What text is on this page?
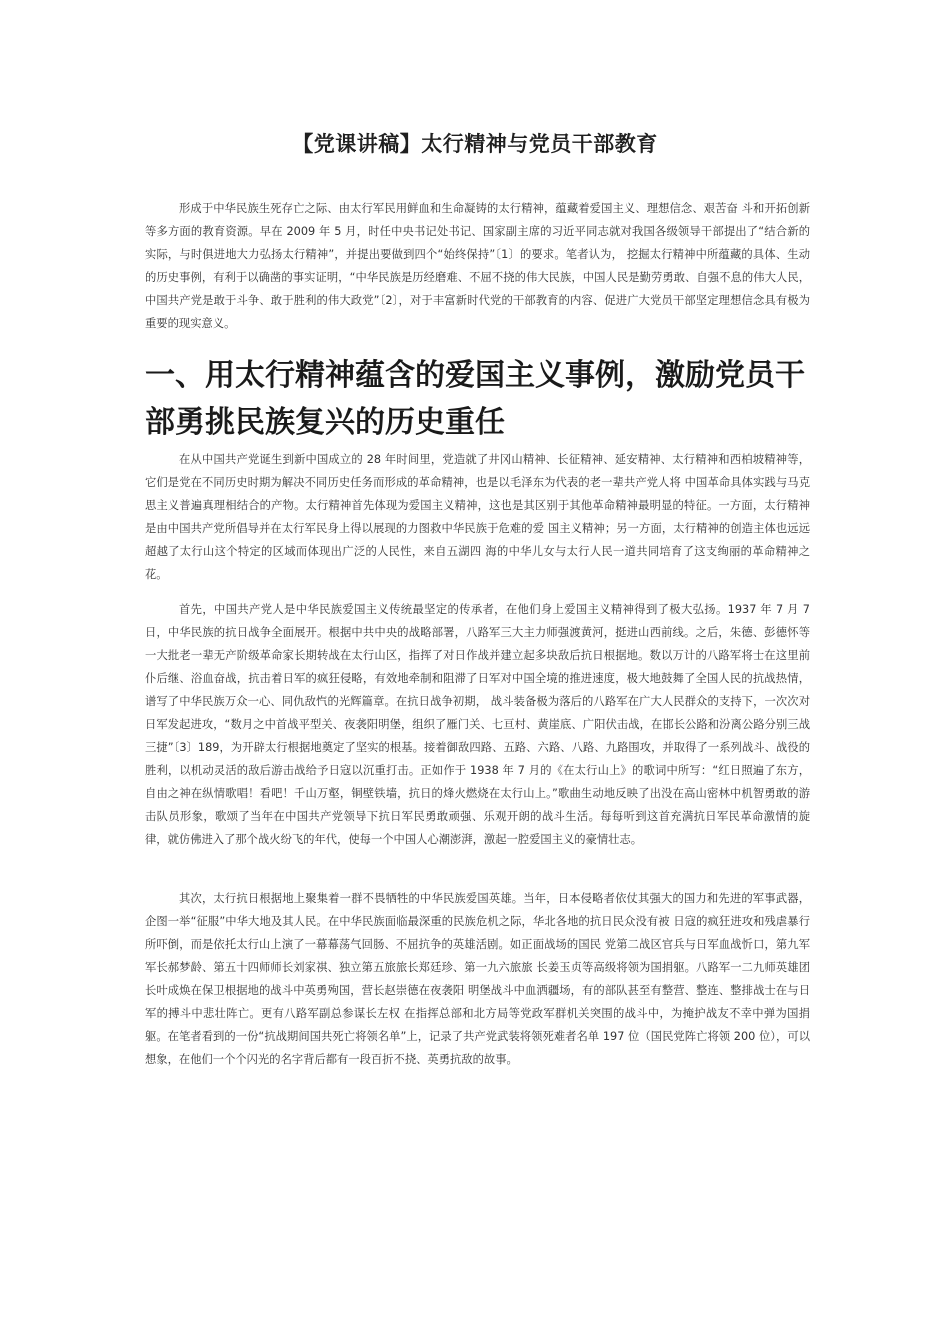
【党课讲稿】太行精神与党员干部教育

形成于中华民族生死存亡之际、由太行军民用鲜血和生命凝铸的太行精神，蕴藏着爱国主义、理想信念、艰苦奋 斗和开拓创新等多方面的教育资源。早在 2009 年 5 月，时任中央书记处书记、国家副主席的习近平同志就对我国各级领导干部提出了“结合新的实际，与时俱进地大力弘扬太行精神”，并提出要做到四个“始终保持”〔1〕的要求。笔者认为， 挖掘太行精神中所蕴藏的具体、生动的历史事例，有利于以确凿的事实证明，“中华民族是历经磨难、不屈不挠的伟大民族，中国人民是勤劳勇敢、自强不息的伟大人民，中国共产党是敢于斗争、敢于胜利的伟大政党”〔2〕，对于丰富新时代党的干部教育的内容、促进广大党员干部坚定理想信念具有极为重要的现实意义。

一、用太行精神蕴含的爱国主义事例，激励党员干部勇挑民族复兴的历史重任

在从中国共产党诞生到新中国成立的 28 年时间里，党造就了井冈山精神、长征精神、延安精神、太行精神和西柏坡精神等，它们是党在不同历史时期为解决不同历史任务而形成的革命精神，也是以毛泽东为代表的老一辈共产党人将 中国革命具体实践与马克思主义普遍真理相结合的产物。太行精神首先体现为爱国主义精神，这也是其区别于其他革命精神最明显的特征。一方面，太行精神是由中国共产党所倡导并在太行军民身上得以展现的力图救中华民族于危难的爱 国主义精神；另一方面，太行精神的创造主体也远远超越了太行山这个特定的区域而体现出广泛的人民性，来自五湖四 海的中华儿女与太行人民一道共同培育了这支绚丽的革命精神之花。

首先，中国共产党人是中华民族爱国主义传统最坚定的传承者，在他们身上爱国主义精神得到了极大弘扬。1937 年 7 月 7 日，中华民族的抗日战争全面展开。根据中共中央的战略部署，八路军三大主力师强渡黄河，挺进山西前线。之后，朱德、彭德怀等一大批老一辈无产阶级革命家长期转战在太行山区，指挥了对日作战并建立起多块敌后抗日根据地。数以万计的八路军将士在这里前仆后继、浴血奋战，抗击着日军的疯狂侵略，有效地牵制和阻滞了日军对中国全境的推进速度，极大地鼓舞了全国人民的抗战热情，谱写了中华民族万众一心、同仇敌忾的光辉篇章。在抗日战争初期， 战斗装备极为落后的八路军在广大人民群众的支持下，一次次对日军发起进攻，“数月之中首战平型关、夜袭阳明堡，组织了雁门关、七亘村、黄崖底、广阳伏击战，在邯长公路和汾离公路分别三战三捷”〔3〕189，为开辟太行根据地奠定了坚实的根基。接着御敌四路、五路、六路、八路、九路围攻，并取得了一系列战斗、战役的胜利，以机动灵活的敌后游击战给予日寇以沉重打击。正如作于 1938 年 7 月的《在太行山上》的歌词中所写：“红日照遍了东方，自由之神在纵情歌唱！看吧！千山万壑，铜壁铁墙，抗日的烽火燃烧在太行山上。”歌曲生动地反映了出没在高山密林中机智勇敢的游击队员形象，歌颂了当年在中国共产党领导下抗日军民勇敢顽强、乐观开朗的战斗生活。每每听到这首充满抗日军民革命激情的旋律，就仿佛进入了那个战火纷飞的年代，使每一个中国人心潮澎湃，激起一腔爱国主义的豪情壮志。

其次，太行抗日根据地上聚集着一群不畏牺牲的中华民族爱国英雄。当年，日本侵略者依仗其强大的国力和先进的军事武器，企图一举“征服”中华大地及其人民。在中华民族面临最深重的民族危机之际，华北各地的抗日民众没有被 日寇的疯狂进攻和残虐暴行所吓倒，而是依托太行山上演了一幕幕荡气回肠、不屈抗争的英雄活剧。如正面战场的国民 党第二战区官兵与日军血战忻口，第九军军长郝梦龄、第五十四师师长刘家祺、独立第五旅旅长郑廷珍、第一九六旅旅 长姜玉贞等高级将领为国捐躯。八路军一二九师英雄团长叶成焕在保卫根据地的战斗中英勇殉国，营长赵崇德在夜袭阳 明堡战斗中血洒疆场，有的部队甚至有整营、整连、整排战士在与日军的搏斗中悲壮阵亡。更有八路军副总参谋长左权 在指挥总部和北方局等党政军群机关突围的战斗中，为掩护战友不幸中弹为国捐躯。在笔者看到的一份“抗战期间国共死亡将领名单”上，记录了共产党武装将领死难者名单 197 位（国民党阵亡将领 200 位），可以想象，在他们一个个闪光的名字背后都有一段百折不挠、英勇抗敌的故事。
